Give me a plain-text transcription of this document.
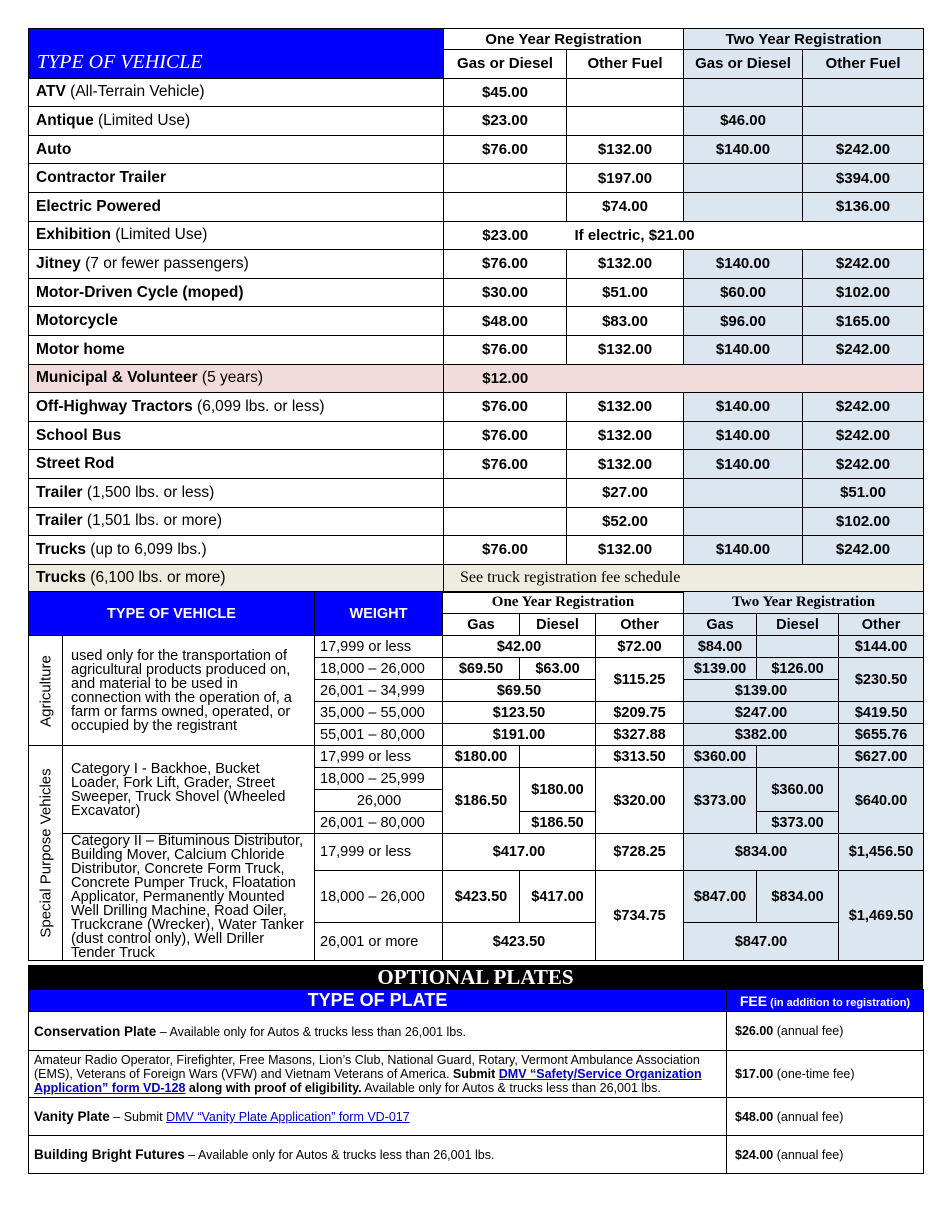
TYPE OF VEHICLE	One Year Registration		Two Year Registration	
	Gas or Diesel	Other Fuel	Gas or Diesel	Other Fuel
ATV (All-Terrain Vehicle)	$45.00			
Antique (Limited Use)	$23.00		$46.00	
Auto	$76.00	$132.00	$140.00	$242.00
Contractor Trailer		$197.00		$394.00
Electric Powered		$74.00		$136.00
Exhibition (Limited Use)	$23.00	If electric, $21.00		
Jitney (7 or fewer passengers)	$76.00	$132.00	$140.00	$242.00
Motor-Driven Cycle (moped)	$30.00	$51.00	$60.00	$102.00
Motorcycle	$48.00	$83.00	$96.00	$165.00
Motor home	$76.00	$132.00	$140.00	$242.00
Municipal & Volunteer (5 years)	$12.00			
Off-Highway Tractors (6,099 lbs. or less)	$76.00	$132.00	$140.00	$242.00
School Bus	$76.00	$132.00	$140.00	$242.00
Street Rod	$76.00	$132.00	$140.00	$242.00
Trailer (1,500 lbs. or less)		$27.00		$51.00
Trailer (1,501 lbs. or more)		$52.00		$102.00
Trucks (up to 6,099 lbs.)	$76.00	$132.00	$140.00	$242.00
Trucks (6,100 lbs. or more)	See truck registration fee schedule			
TYPE OF VEHICLE		WEIGHT	One Year Registration			Two Year Registration		
			Gas	Diesel	Other	Gas	Diesel	Other

Agriculture	used only for the transportation of agricultural products produced on, and material to be used in connection with the operation of, a farm or farms owned, operated, or occupied by the registrant	17,999 or less	$42.00		$72.00	$84.00		$144.00
		18,000 – 26,000	$69.50	$63.00	$115.25	$139.00	$126.00	$230.50
		26,001 – 34,999	$69.50			$139.00		
		35,000 – 55,000	$123.50		$209.75	$247.00		$419.50
		55,001 – 80,000	$191.00		$327.88	$382.00		$655.76

Special Purpose Vehicles	Category I - Backhoe, Bucket Loader, Fork Lift, Grader, Street Sweeper, Truck Shovel (Wheeled Excavator)	17,999 or less	$180.00		$313.50	$360.00		$627.00
		18,000 – 25,999	$186.50	$180.00	$320.00	$373.00	$360.00	$640.00
		26,000						
		26,001 – 80,000		$186.50			$373.00	
	Category II – Bituminous Distributor, Building Mover, Calcium Chloride Distributor, Concrete Form Truck, Concrete Pumper Truck, Floatation Applicator, Permanently Mounted Well Drilling Machine, Road Oiler, Truckcrane (Wrecker), Water Tanker (dust control only), Well Driller Tender Truck	17,999 or less	$417.00		$728.25	$834.00		$1,456.50
		18,000 – 26,000	$423.50	$417.00	$734.75	$847.00	$834.00	$1,469.50
		26,001 or more	$423.50			$847.00		
OPTIONAL PLATES
TYPE OF PLATE	FEE (in addition to registration)
Conservation Plate – Available only for Autos & trucks less than 26,001 lbs.	$26.00 (annual fee)
Amateur Radio Operator, Firefighter, Free Masons, Lion’s Club, National Guard, Rotary, Vermont Ambulance Association (EMS), Veterans of Foreign Wars (VFW) and Vietnam Veterans of America. Submit DMV “Safety/Service Organization Application” form VD-128 along with proof of eligibility. Available only for Autos & trucks less than 26,001 lbs.	$17.00 (one-time fee)
Vanity Plate – Submit DMV “Vanity Plate Application” form VD-017	$48.00 (annual fee)
Building Bright Futures – Available only for Autos & trucks less than 26,001 lbs.	$24.00 (annual fee)
